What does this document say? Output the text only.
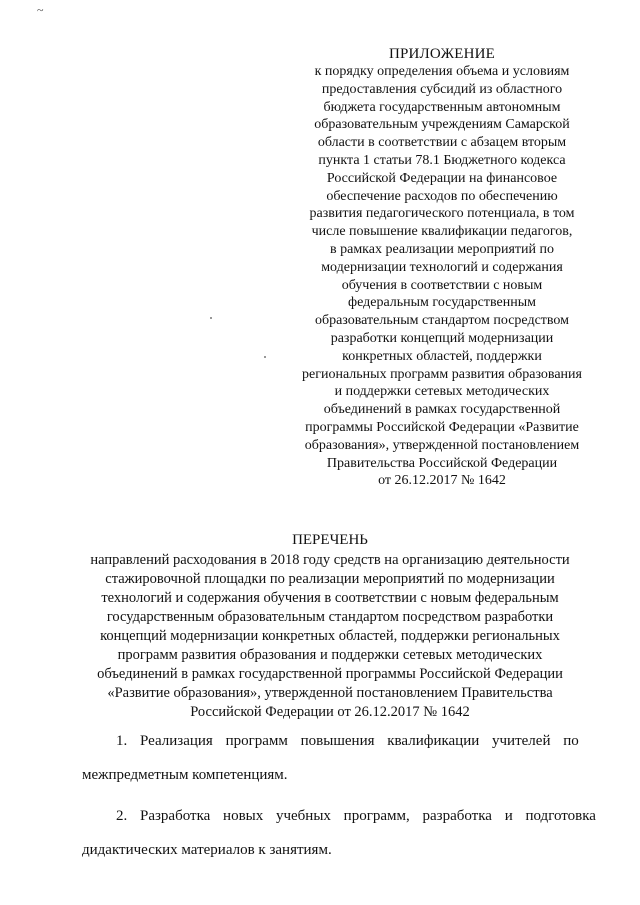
~
ПРИЛОЖЕНИЕ
к порядку определения объема и условиям
предоставления субсидий из областного
бюджета государственным автономным
образовательным учреждениям Самарской
области в соответствии с абзацем вторым
пункта 1 статьи 78.1 Бюджетного кодекса
Российской Федерации на финансовое
обеспечение расходов по обеспечению
развития педагогического потенциала, в том
числе повышение квалификации педагогов,
в рамках реализации мероприятий по
модернизации технологий и содержания
обучения в соответствии с новым
федеральным государственным
образовательным стандартом посредством
разработки концепций модернизации
конкретных областей, поддержки
региональных программ развития образования
и поддержки сетевых методических
объединений в рамках государственной
программы Российской Федерации «Развитие
образования», утвержденной постановлением
Правительства Российской Федерации
от 26.12.2017 № 1642
ПЕРЕЧЕНЬ
направлений расходования в 2018 году средств на организацию деятельности
стажировочной площадки по реализации мероприятий по модернизации
технологий и содержания обучения в соответствии с новым федеральным
государственным образовательным стандартом посредством разработки
концепций модернизации конкретных областей, поддержки региональных
программ развития образования и поддержки сетевых методических
объединений в рамках государственной программы Российской Федерации
«Развитие образования», утвержденной постановлением Правительства
Российской Федерации от 26.12.2017 № 1642
1. Реализация программ повышения квалификации учителей по
межпредметным компетенциям.
2. Разработка новых учебных программ, разработка и подготовка
дидактических материалов к занятиям.
